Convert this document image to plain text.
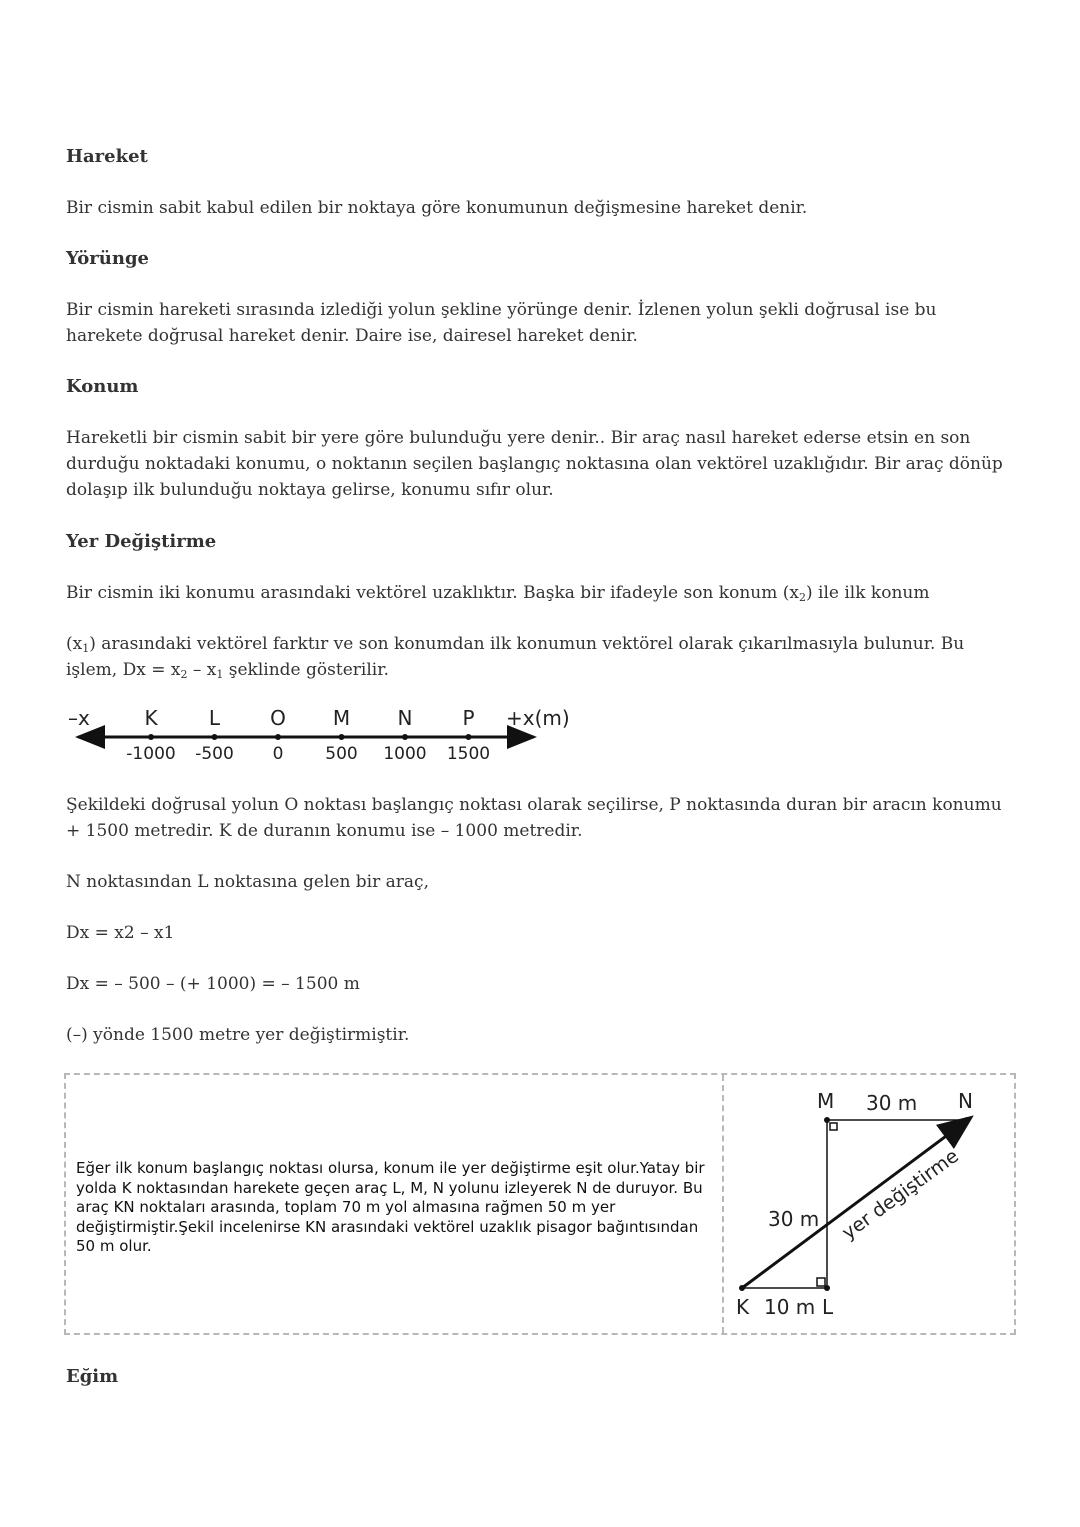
Hareket

Bir cismin sabit kabul edilen bir noktaya göre konumunun değişmesine hareket denir.

Yörünge

Bir cismin hareketi sırasında izlediği yolun şekline yörünge denir. İzlenen yolun şekli doğrusal ise bu harekete doğrusal hareket denir. Daire ise, dairesel hareket denir.

Konum

Hareketli bir cismin sabit bir yere göre bulunduğu yere denir.. Bir araç nasıl hareket ederse etsin en son durduğu noktadaki konumu, o noktanın seçilen başlangıç noktasına olan vektörel uzaklığıdır. Bir araç dönüp dolaşıp ilk bulunduğu noktaya gelirse, konumu sıfır olur.

Yer Değiştirme

Bir cismin iki konumu arasındaki vektörel uzaklıktır. Başka bir ifadeyle son konum $(x_2)$ ile ilk konum

$(x_1)$ arasındaki vektörel farktır ve son konumdan ilk konumun vektörel olarak çıkarılmasıyla bulunur. Bu işlem, $Dx = x_2 - x_1$ şeklinde gösterilir.

Şekildeki doğrusal yolun O noktası başlangıç noktası olarak seçilirse, P noktasında duran bir aracın konumu + 1500 metredir. K de duranın konumu ise – 1000 metredir.

N noktasından L noktasına gelen bir araç,

Dx = x2 – x1

Dx = – 500 – (+ 1000) = – 1500 m

(–) yönde 1500 metre yer değiştirmiştir.

Eğim
–x	+x(m)
K
-1000
L
-500
O
0
M
500
N
1000
P
1500
Eğer ilk konum başlangıç noktası olursa, konum ile yer değiştirme eşit olur.Yatay bir yolda K noktasından harekete geçen araç L, M, N yolunu izleyerek N de duruyor. Bu araç KN noktaları arasında, toplam 70 m yol almasına rağmen 50 m yer değiştirmiştir.Şekil incelenirse KN arasındaki vektörel uzaklık pisagor bağıntısından 50 m olur.
M	N
K	L
30 m
30 m
10 m
yer değiştirme
